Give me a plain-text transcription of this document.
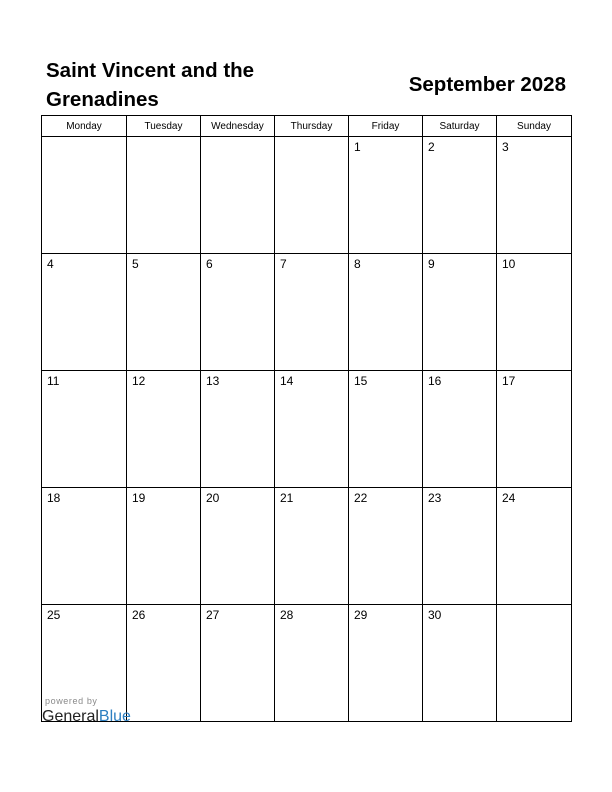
Saint Vincent and the Grenadines
September 2028
Monday	Tuesday	Wednesday	Thursday	Friday	Saturday	Sunday
				1	2	3
4	5	6	7	8	9	10
11	12	13	14	15	16	17
18	19	20	21	22	23	24
25	26	27	28	29	30	
powered by
GeneralBlue
